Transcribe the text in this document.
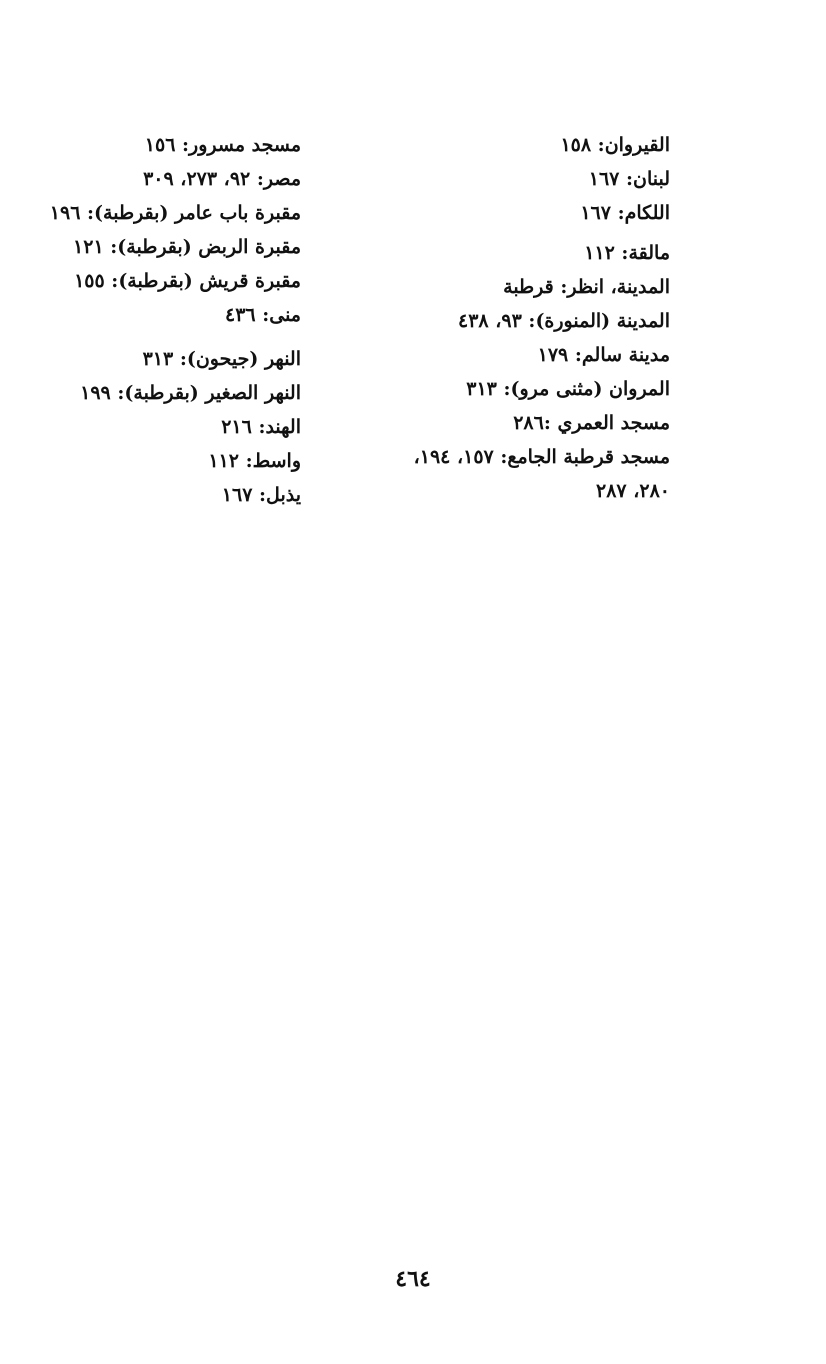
القيروان: ١٥٨
لبنان: ١٦٧
اللكام: ١٦٧
مالقة: ١١٢
المدينة، انظر: قرطبة
المدينة (المنورة): ٩٣، ٤٣٨
مدينة سالم: ١٧٩
المروان (مثنى مرو): ٣١٣
مسجد العمري :٢٨٦
مسجد قرطبة الجامع: ١٥٧، ١٩٤،
٢٨٠، ٢٨٧
مسجد مسرور: ١٥٦
مصر: ٩٢، ٢٧٣، ٣٠٩
مقبرة باب عامر (بقرطبة): ١٩٦
مقبرة الربض (بقرطبة): ١٢١
مقبرة قريش (بقرطبة): ١٥٥
منى: ٤٣٦
النهر (جيحون): ٣١٣
النهر الصغير (بقرطبة): ١٩٩
الهند: ٢١٦
واسط: ١١٢
يذبل: ١٦٧
٤٦٤
